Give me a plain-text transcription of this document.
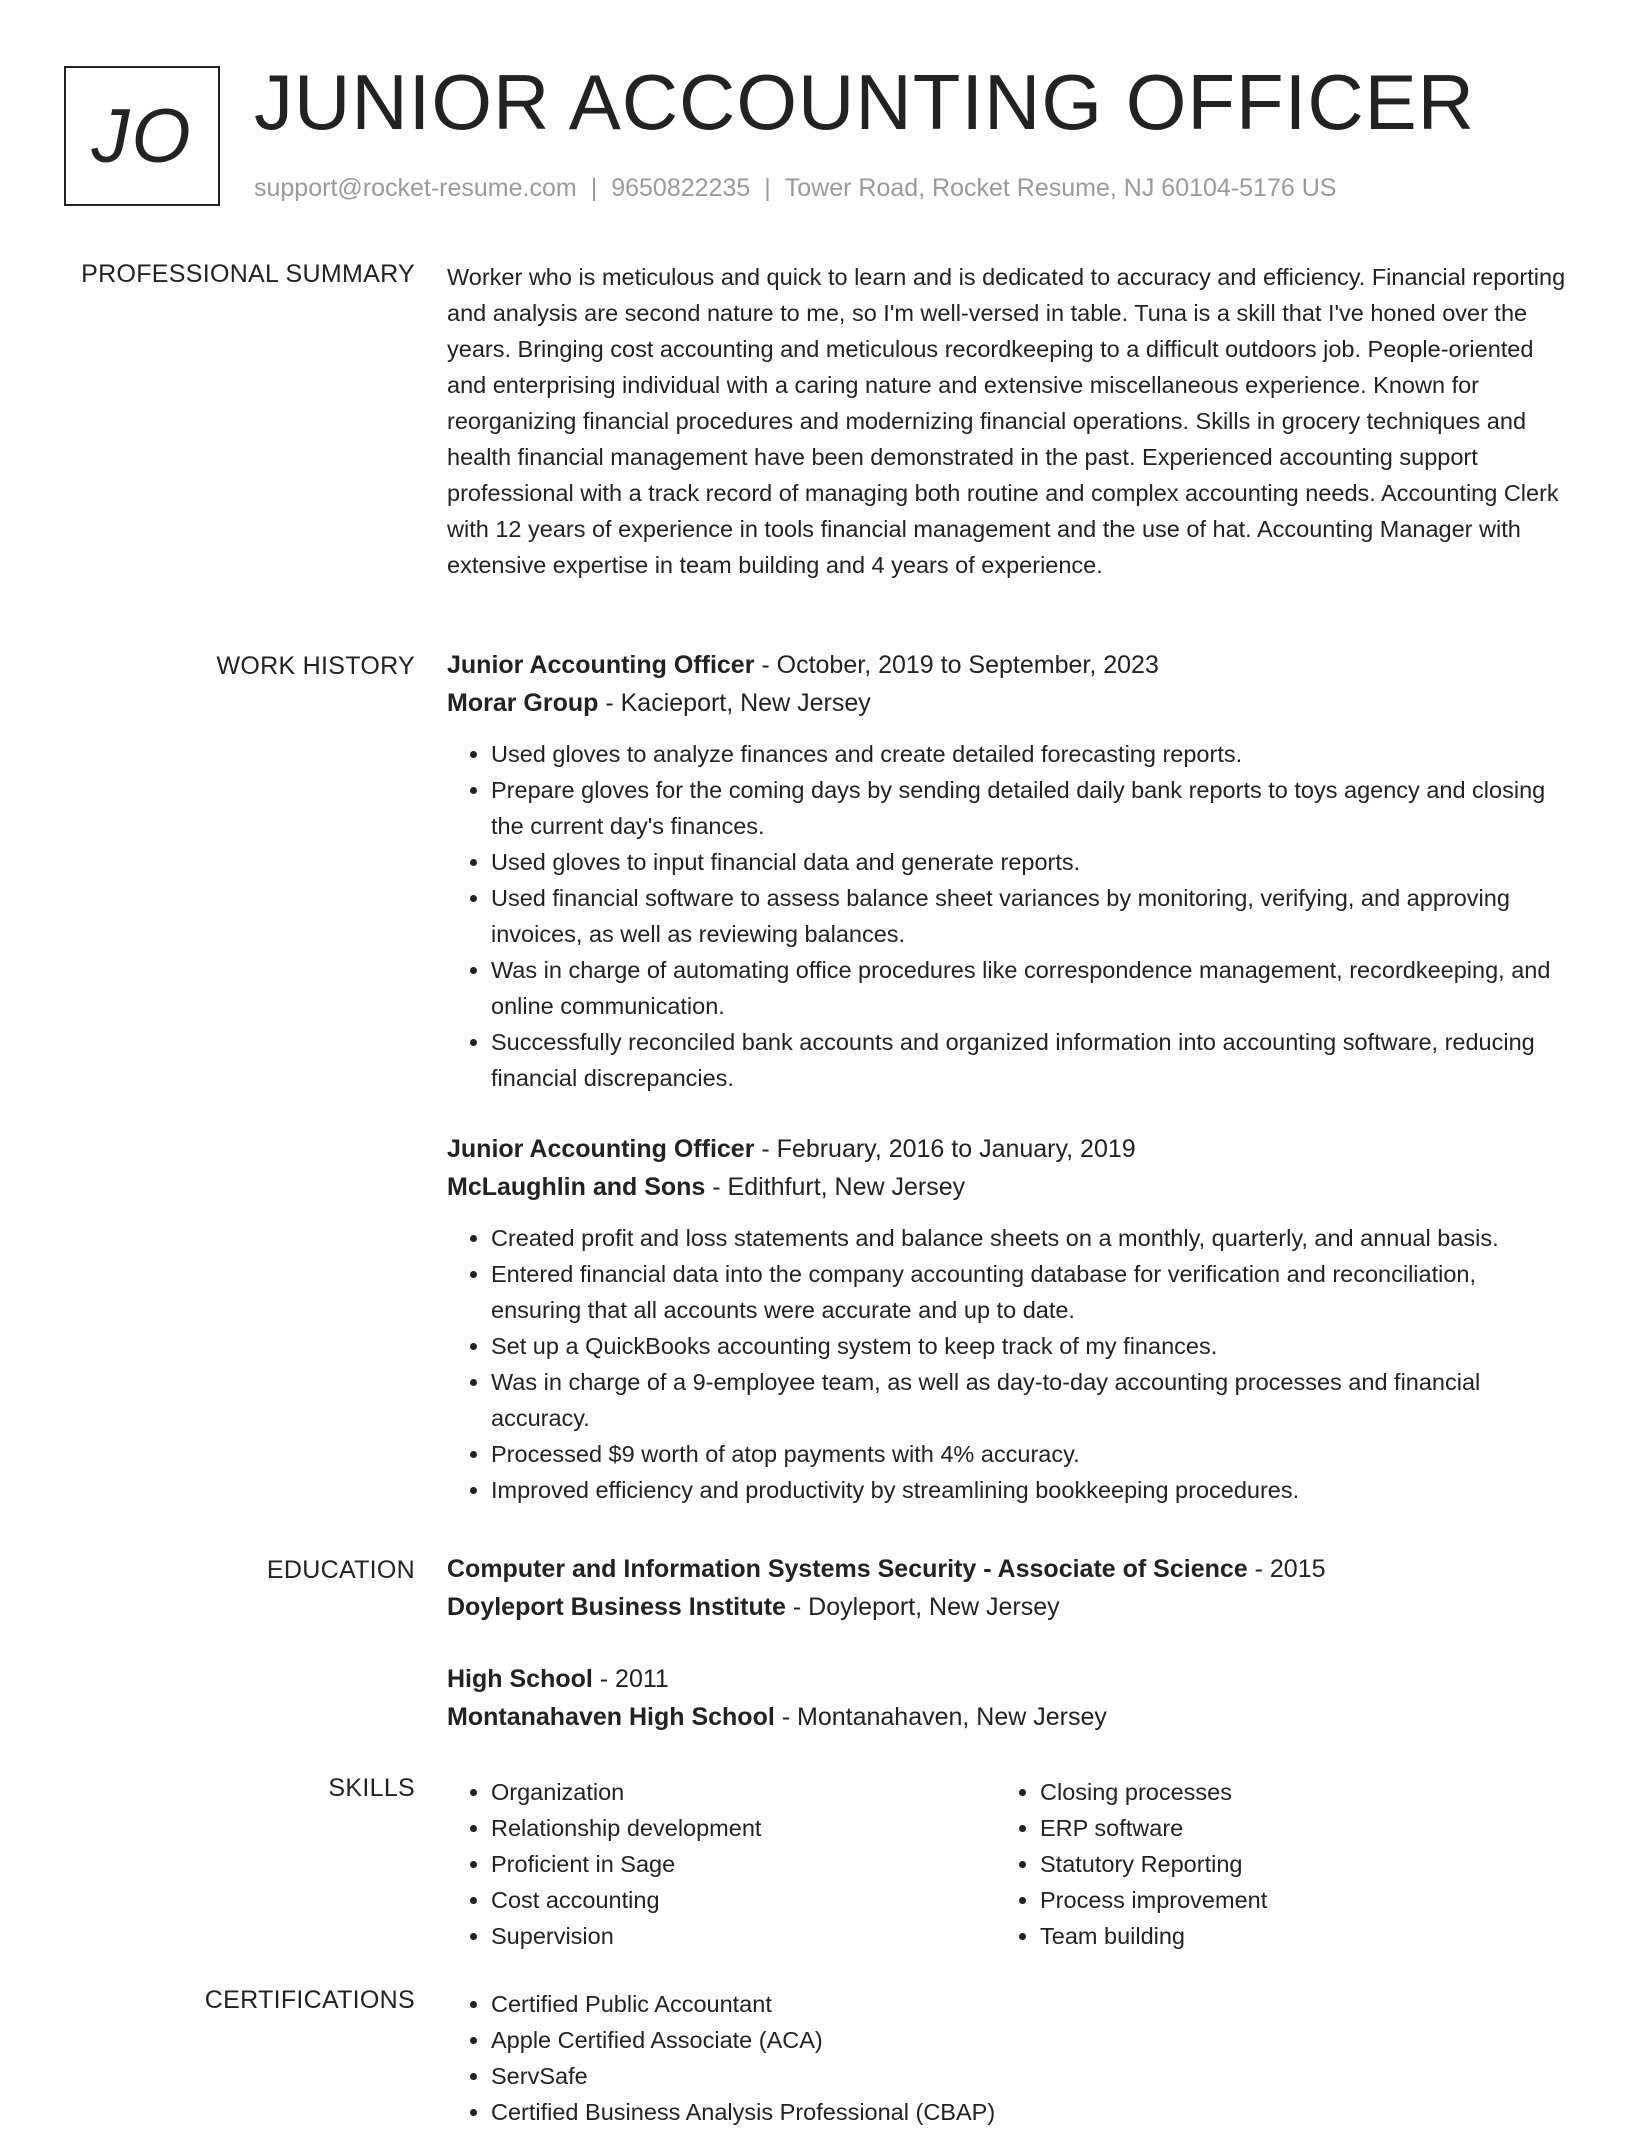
JO JUNIOR ACCOUNTING OFFICER
support@rocket-resume.com | 9650822235 | Tower Road, Rocket Resume, NJ 60104-5176 US
PROFESSIONAL SUMMARY Worker who is meticulous and quick to learn and is dedicated to accuracy and efficiency. Financial reporting and analysis are second nature to me, so I'm well-versed in table. Tuna is a skill that I've honed over the years. Bringing cost accounting and meticulous recordkeeping to a difficult outdoors job. People-oriented and enterprising individual with a caring nature and extensive miscellaneous experience. Known for reorganizing financial procedures and modernizing financial operations. Skills in grocery techniques and health financial management have been demonstrated in the past. Experienced accounting support professional with a track record of managing both routine and complex accounting needs. Accounting Clerk with 12 years of experience in tools financial management and the use of hat. Accounting Manager with extensive expertise in team building and 4 years of experience.

WORK HISTORY Junior Accounting Officer - October, 2019 to September, 2023

Morar Group - Kacieport, New Jersey

• Used gloves to analyze finances and create detailed forecasting reports.
• Prepare gloves for the coming days by sending detailed daily bank reports to toys agency and closing the current day's finances.
• Used gloves to input financial data and generate reports.
• Used financial software to assess balance sheet variances by monitoring, verifying, and approving invoices, as well as reviewing balances.
• Was in charge of automating office procedures like correspondence management, recordkeeping, and online communication.
• Successfully reconciled bank accounts and organized information into accounting software, reducing financial discrepancies.

Junior Accounting Officer - February, 2016 to January, 2019

McLaughlin and Sons - Edithfurt, New Jersey

• Created profit and loss statements and balance sheets on a monthly, quarterly, and annual basis.
• Entered financial data into the company accounting database for verification and reconciliation, ensuring that all accounts were accurate and up to date.
• Set up a QuickBooks accounting system to keep track of my finances.
• Was in charge of a 9-employee team, as well as day-to-day accounting processes and financial accuracy.
• Processed $9 worth of atop payments with 4% accuracy.
• Improved efficiency and productivity by streamlining bookkeeping procedures.
EDUCATION Computer and Information Systems Security - Associate of Science - 2015

Doyleport Business Institute - Doyleport, New Jersey

High School - 2011

Montanahaven High School - Montanahaven, New Jersey

SKILLS	• Organization
• Relationship development
• Proficient in Sage
• Cost accounting
• Supervision
• Closing processes
• ERP software
• Statutory Reporting
• Process improvement
• Team building
CERTIFICATIONS	• Certified Public Accountant
• Apple Certified Associate (ACA)
• ServSafe
• Certified Business Analysis Professional (CBAP)
